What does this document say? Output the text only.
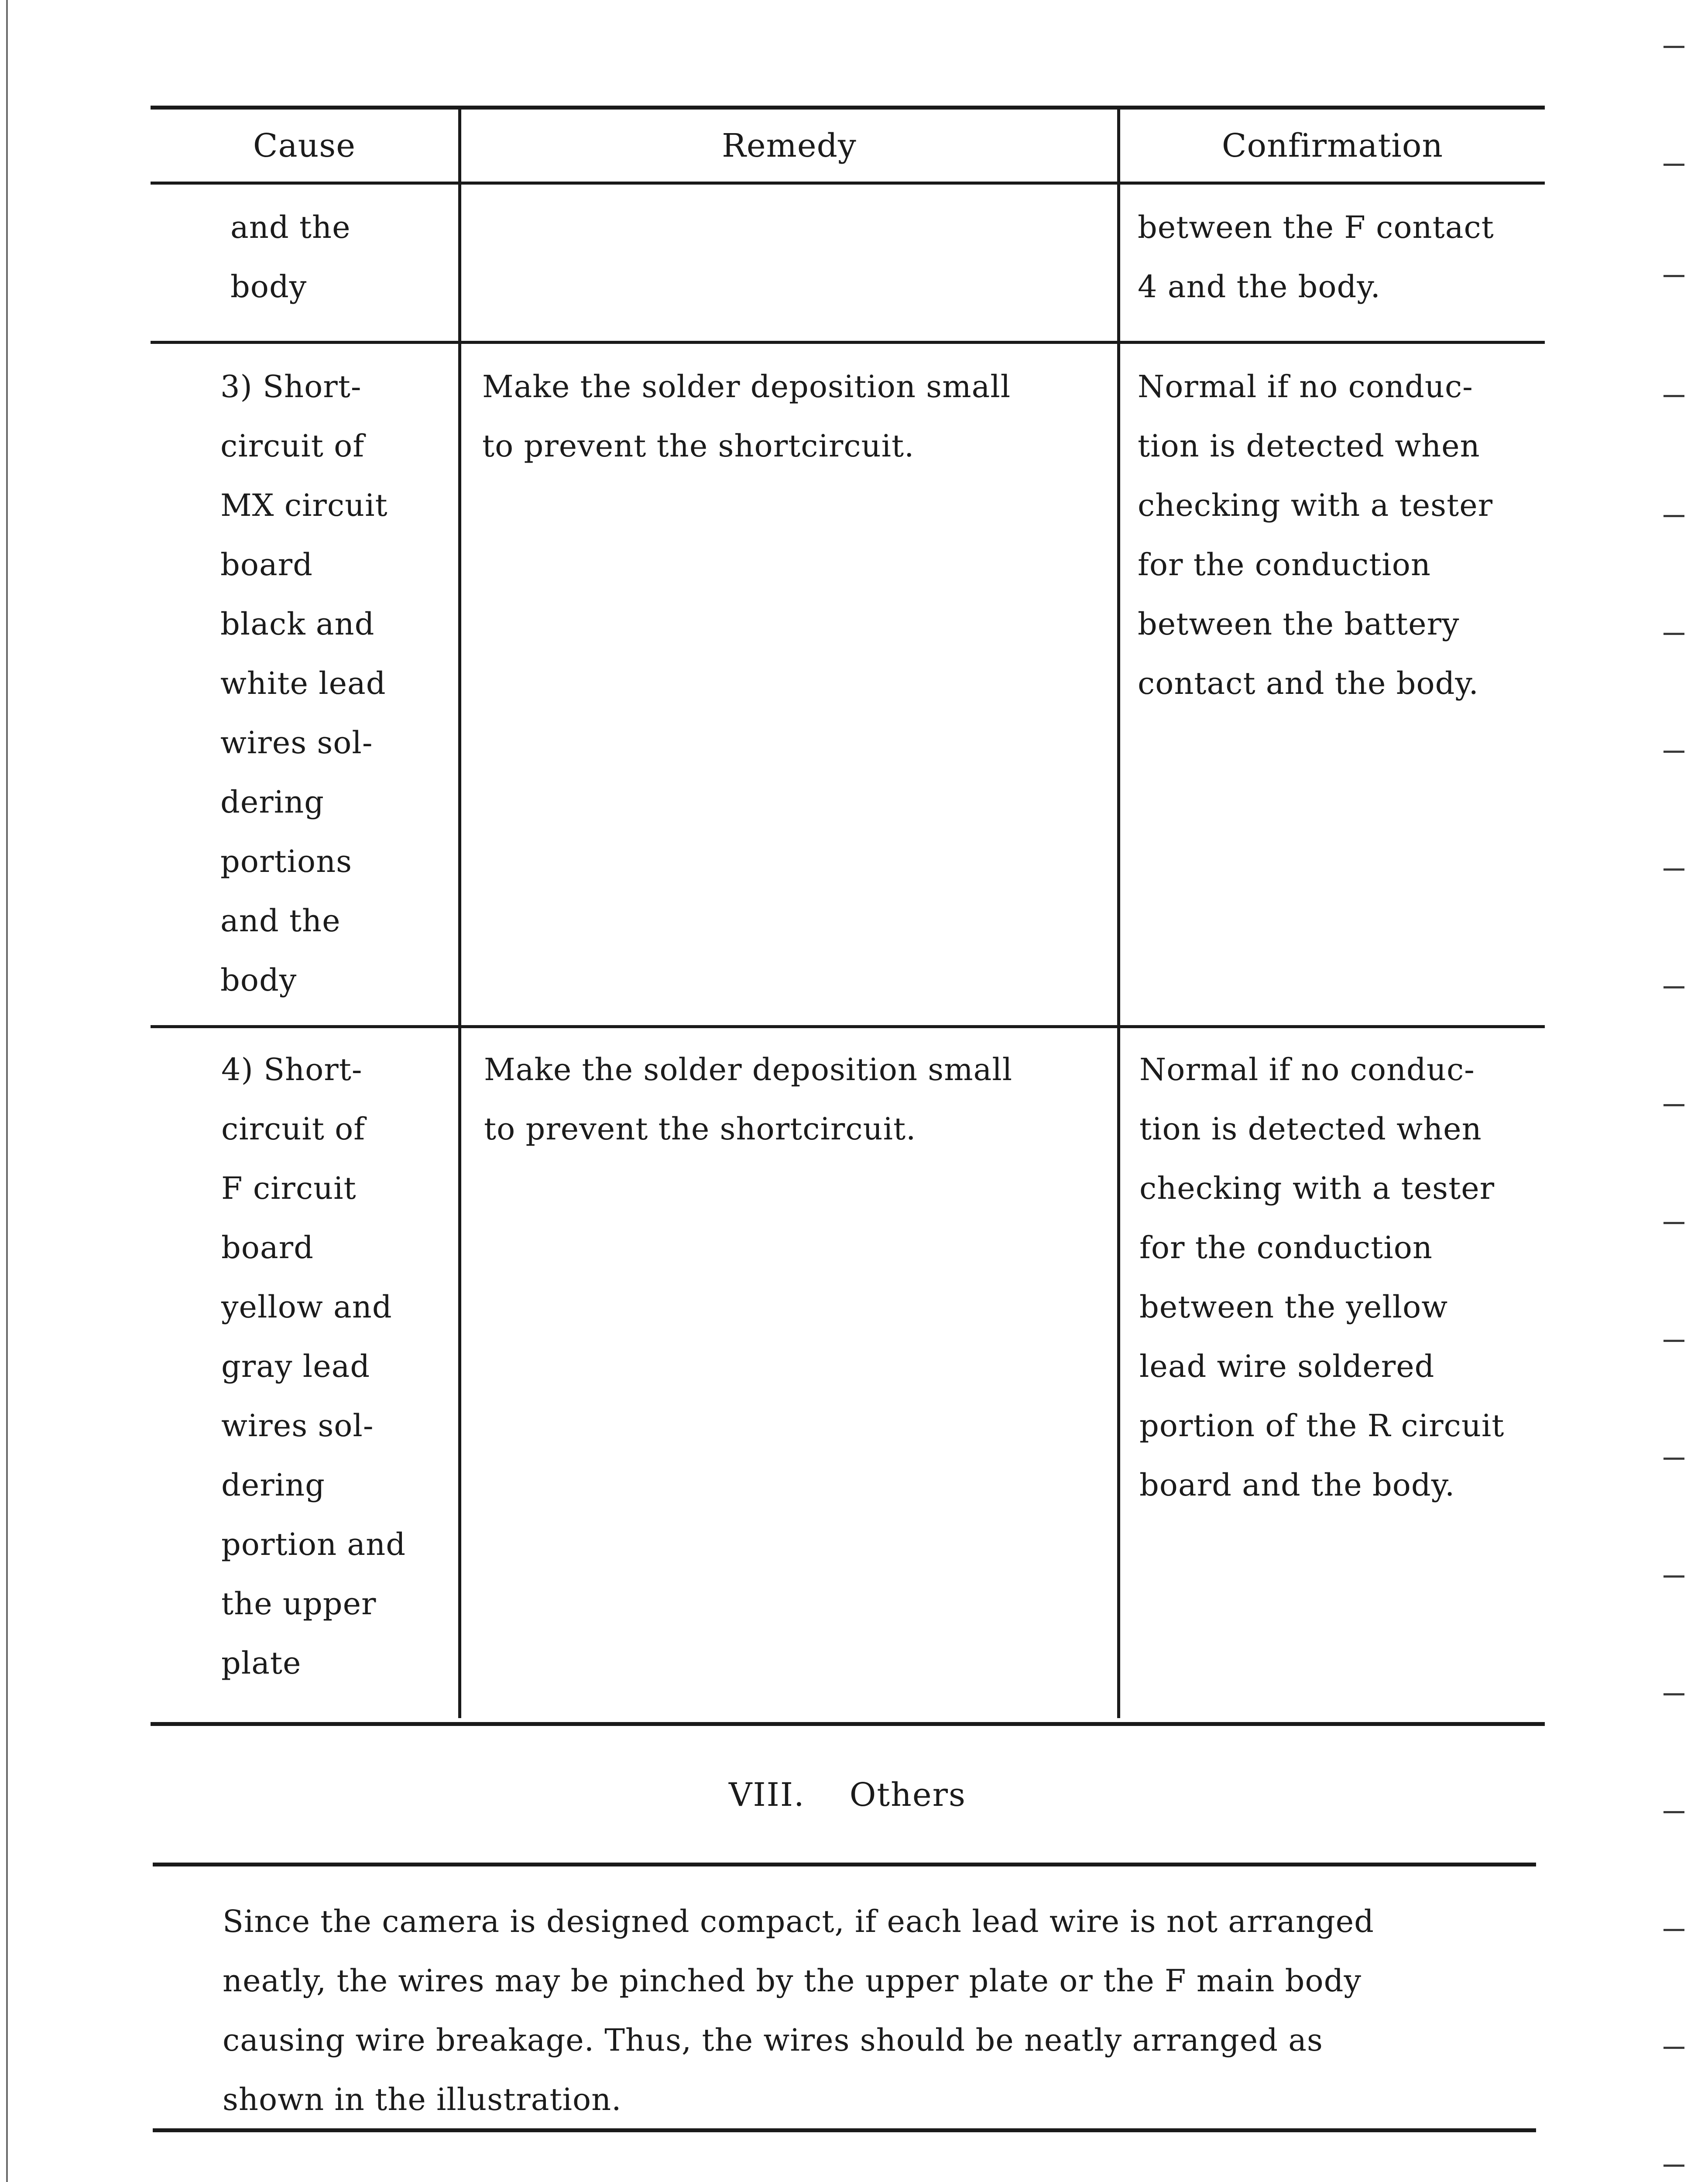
Cause	Remedy	Confirmation
and the
body
between the F contact
4 and the body.
3) Short-
circuit of
MX circuit
board
black and
white lead
wires sol-
dering
portions
and the
body
Make the solder deposition small
to prevent the shortcircuit.
Normal if no conduc-
tion is detected when
checking with a tester
for the conduction
between the battery
contact and the body.
4) Short-
circuit of
F circuit
board
yellow and
gray lead
wires sol-
dering
portion and
the upper
plate
Make the solder deposition small
to prevent the shortcircuit.
Normal if no conduc-
tion is detected when
checking with a tester
for the conduction
between the yellow
lead wire soldered
portion of the R circuit
board and the body.
VIII. Others
Since the camera is designed compact, if each lead wire is not arranged
neatly, the wires may be pinched by the upper plate or the F main body
causing wire breakage. Thus, the wires should be neatly arranged as
shown in the illustration.
